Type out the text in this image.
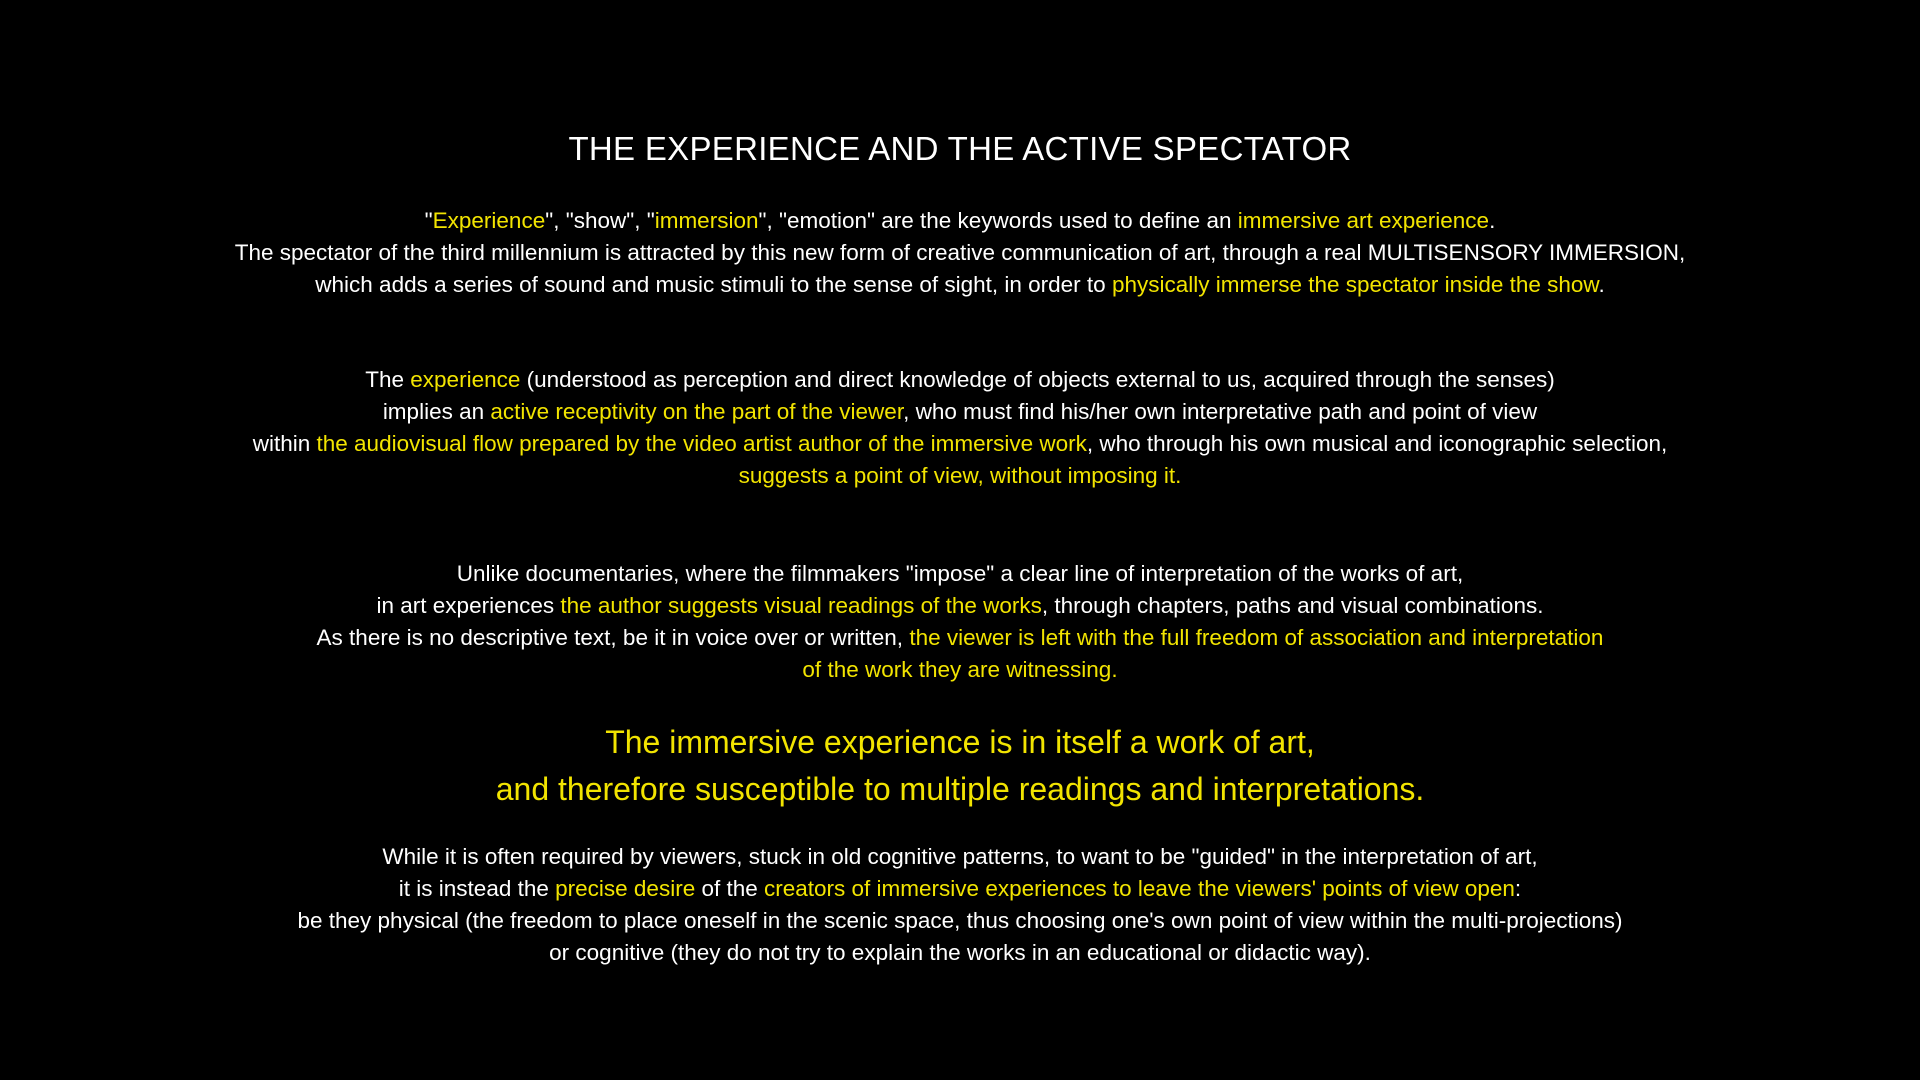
THE EXPERIENCE AND THE ACTIVE SPECTATOR
"Experience", "show", "immersion", "emotion" are the keywords used to define an immersive art experience.
The spectator of the third millennium is attracted by this new form of creative communication of art, through a real MULTISENSORY IMMERSION,
which adds a series of sound and music stimuli to the sense of sight, in order to physically immerse the spectator inside the show.
The experience (understood as perception and direct knowledge of objects external to us, acquired through the senses)
implies an active receptivity on the part of the viewer, who must find his/her own interpretative path and point of view
within the audiovisual flow prepared by the video artist author of the immersive work, who through his own musical and iconographic selection,
suggests a point of view, without imposing it.
Unlike documentaries, where the filmmakers "impose" a clear line of interpretation of the works of art,
in art experiences the author suggests visual readings of the works, through chapters, paths and visual combinations.
As there is no descriptive text, be it in voice over or written, the viewer is left with the full freedom of association and interpretation
of the work they are witnessing.
The immersive experience is in itself a work of art,
and therefore susceptible to multiple readings and interpretations.
While it is often required by viewers, stuck in old cognitive patterns, to want to be "guided" in the interpretation of art,
it is instead the precise desire of the creators of immersive experiences to leave the viewers' points of view open:
be they physical (the freedom to place oneself in the scenic space, thus choosing one's own point of view within the multi-projections)
or cognitive (they do not try to explain the works in an educational or didactic way).
